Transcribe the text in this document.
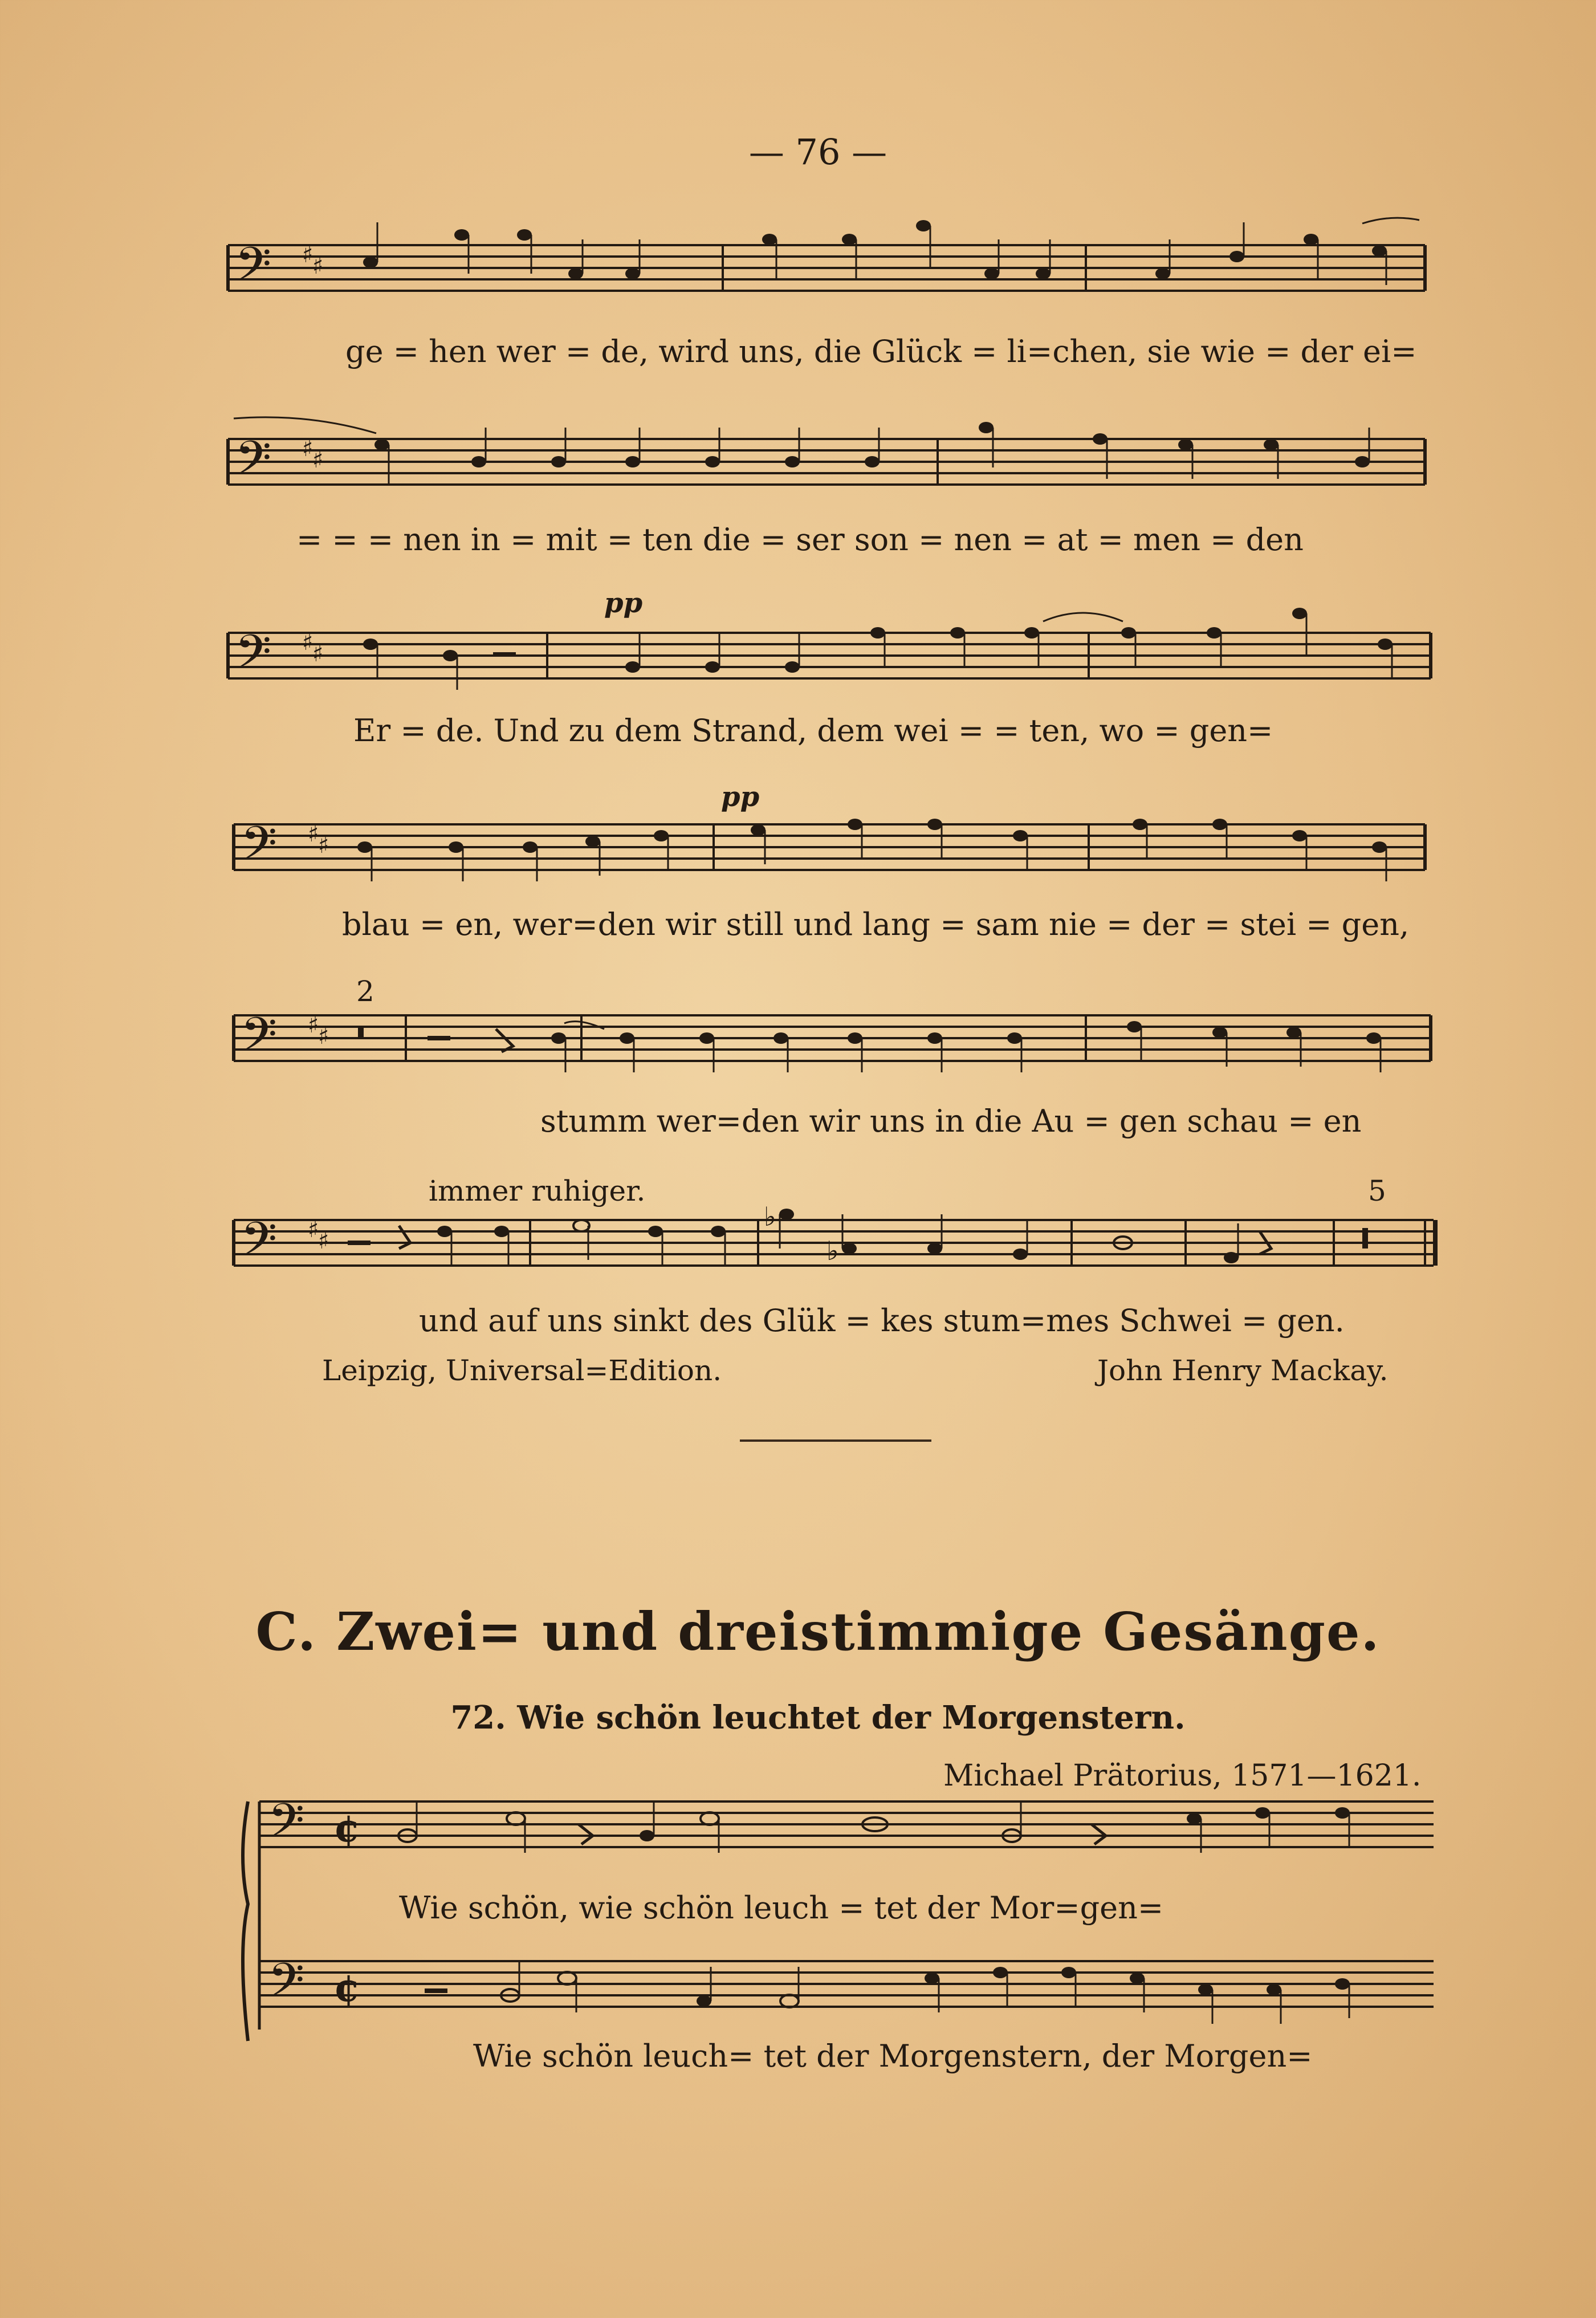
— 76 —
𝄢 ♯
♯
ge = hen wer = de, wird uns, die Glück = li=chen, sie wie = der ei=
𝄢 ♯
♯
= = = nen in = mit = ten die = ser son = nen = at = men = den
pp
𝄢 ♯
♯
Er = de. Und zu dem Strand, dem wei = = ten, wo = gen=
pp
𝄢 ♯
♯
blau = en, wer=den wir still und lang = sam nie = der = stei = gen,
2
𝄢 ♯
♯
stumm wer=den wir uns in die Au = gen schau = en
immer ruhiger.	5
𝄢 ♯
♯
♭
♭
und auf uns sinkt des Glük = kes stum=mes Schwei = gen.
Leipzig, Universal=Edition.	John Henry Mackay.
C. Zwei= und dreistimmige Gesänge.
72. Wie schön leuchtet der Morgenstern.
Michael Prätorius, 1571—1621.
𝄢
𝄢
¢
¢
Wie schön, wie schön leuch = tet der Mor=gen=
Wie schön leuch= tet der Morgenstern, der Morgen=
